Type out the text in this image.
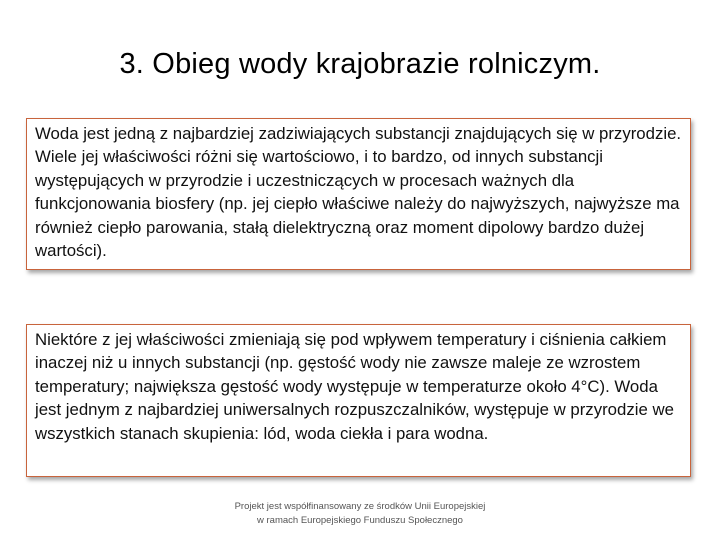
3. Obieg wody krajobrazie rolniczym.
Woda jest jedną z najbardziej zadziwiających substancji znajdujących się w przyrodzie. Wiele jej właściwości różni się wartościowo, i to bardzo, od innych substancji występujących w przyrodzie i uczestniczących w procesach ważnych dla funkcjonowania biosfery (np. jej ciepło właściwe należy do najwyższych, najwyższe ma również ciepło parowania, stałą dielektryczną oraz moment dipolowy bardzo dużej wartości).
Niektóre z jej właściwości zmieniają się pod wpływem temperatury i ciśnienia całkiem inaczej niż u innych substancji (np. gęstość wody nie zawsze maleje ze wzrostem temperatury; największa gęstość wody występuje w temperaturze około 4°C). Woda jest jednym z najbardziej uniwersalnych rozpuszczalników, występuje w przyrodzie we wszystkich stanach skupienia: lód, woda ciekła i para wodna.
Projekt jest współfinansowany ze środków Unii Europejskiej
w ramach Europejskiego Funduszu Społecznego
